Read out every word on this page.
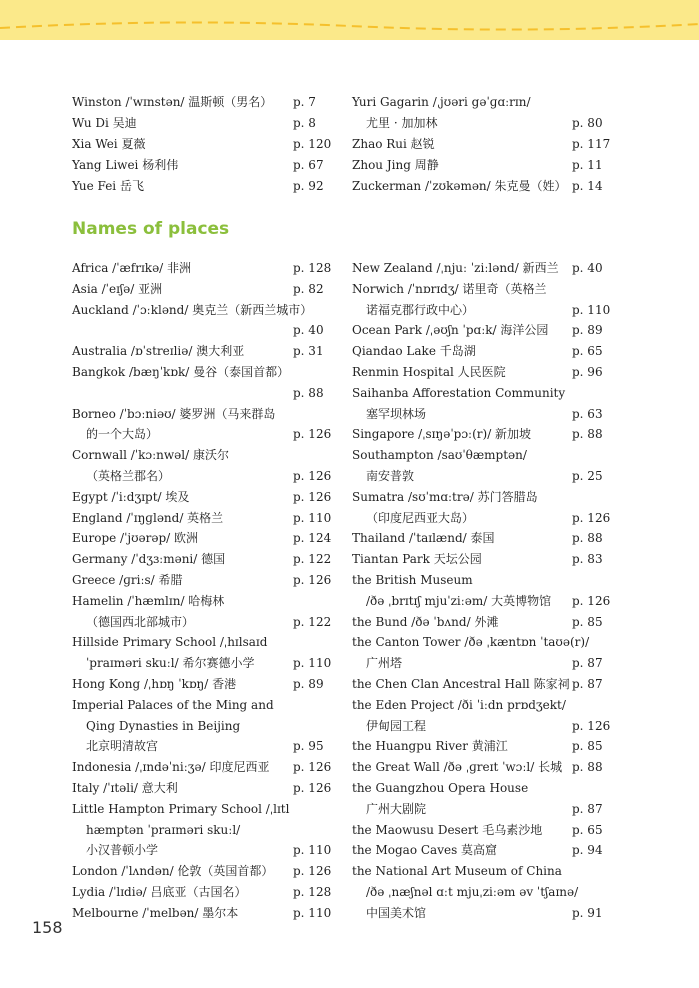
Winston /ˈwɪnstən/ 温斯顿（男名） p. 7
Wu Di 吴迪	p. 8
Xia Wei 夏薇	p. 120
Yang Liwei 杨利伟	p. 67
Yue Fei 岳飞	p. 92
Yuri Gagarin /ˌjʊəri gəˈɡɑːrɪn/
尤里 · 加加林	p. 80
Zhao Rui 赵锐	p. 117
Zhou Jing 周静	p. 11
Zuckerman /ˈzʊkəmən/ 朱克曼（姓） p. 14
Names of places
Africa /ˈæfrɪkə/ 非洲	p. 128
Asia /ˈeɪʃə/ 亚洲	p. 82
Auckland /ˈɔːklənd/ 奥克兰（新西兰城市）
p. 40
Australia /ɒˈstreɪliə/ 澳大利亚	p. 31
Bangkok /bæŋˈkɒk/ 曼谷（泰国首都）
p. 88
Borneo /ˈbɔːniəʊ/ 婆罗洲（马来群岛
的一个大岛）	p. 126
Cornwall /ˈkɔːnwəl/ 康沃尔
（英格兰郡名）	p. 126
Egypt /ˈiːdʒɪpt/ 埃及	p. 126
England /ˈɪŋɡlənd/ 英格兰	p. 110
Europe /ˈjʊərəp/ 欧洲	p. 124
Germany /ˈdʒɜːməni/ 德国	p. 122
Greece /ɡriːs/ 希腊	p. 126
Hamelin /ˈhæmlɪn/ 哈梅林
（德国西北部城市）	p. 122
Hillside Primary School /ˌhɪlsaɪd
ˈpraɪməri skuːl/ 希尔赛德小学	p. 110
Hong Kong /ˌhɒŋ ˈkɒŋ/ 香港	p. 89
Imperial Palaces of the Ming and
Qing Dynasties in Beijing
北京明清故宫	p. 95
Indonesia /ˌɪndəˈniːʒə/ 印度尼西亚 p. 126
Italy /ˈɪtəli/ 意大利	p. 126
Little Hampton Primary School /ˌlɪtl
hæmptən ˈpraɪməri skuːl/
小汉普顿小学	p. 110
London /ˈlʌndən/ 伦敦（英国首都） p. 126
Lydia /ˈlɪdiə/ 吕底亚（古国名）	p. 128
Melbourne /ˈmelbən/ 墨尔本	p. 110
New Zealand /ˌnjuː ˈziːlənd/ 新西兰 p. 40
Norwich /ˈnɒrɪdʒ/ 诺里奇（英格兰
诺福克郡行政中心）	p. 110
Ocean Park /ˌəʊʃn ˈpɑːk/ 海洋公园 p. 89
Qiandao Lake 千岛湖	p. 65
Renmin Hospital 人民医院	p. 96
Saihanba Afforestation Community
塞罕坝林场	p. 63
Singapore /ˌsɪŋəˈpɔː(r)/ 新加坡	p. 88
Southampton /saʊˈθæmptən/
南安普敦	p. 25
Sumatra /sʊˈmɑːtrə/ 苏门答腊岛
（印度尼西亚大岛）	p. 126
Thailand /ˈtaɪlænd/ 泰国	p. 88
Tiantan Park 天坛公园	p. 83
the British Museum
/ðə ˌbrɪtɪʃ mjuˈziːəm/ 大英博物馆 p. 126
the Bund /ðə ˈbʌnd/ 外滩	p. 85
the Canton Tower /ðə ˌkæntɒn ˈtaʊə(r)/
广州塔	p. 87
the Chen Clan Ancestral Hall 陈家祠 p. 87
the Eden Project /ði ˈiːdn prɒdʒekt/
伊甸园工程	p. 126
the Huangpu River 黄浦江	p. 85
the Great Wall /ðə ˌɡreɪt ˈwɔːl/ 长城 p. 88
the Guangzhou Opera House
广州大剧院	p. 87
the Maowusu Desert 毛乌素沙地 p. 65
the Mogao Caves 莫高窟	p. 94
the National Art Museum of China
/ðə ˌnæʃnəl ɑːt mjuˌziːəm əv ˈtʃaɪnə/
中国美术馆	p. 91
158
